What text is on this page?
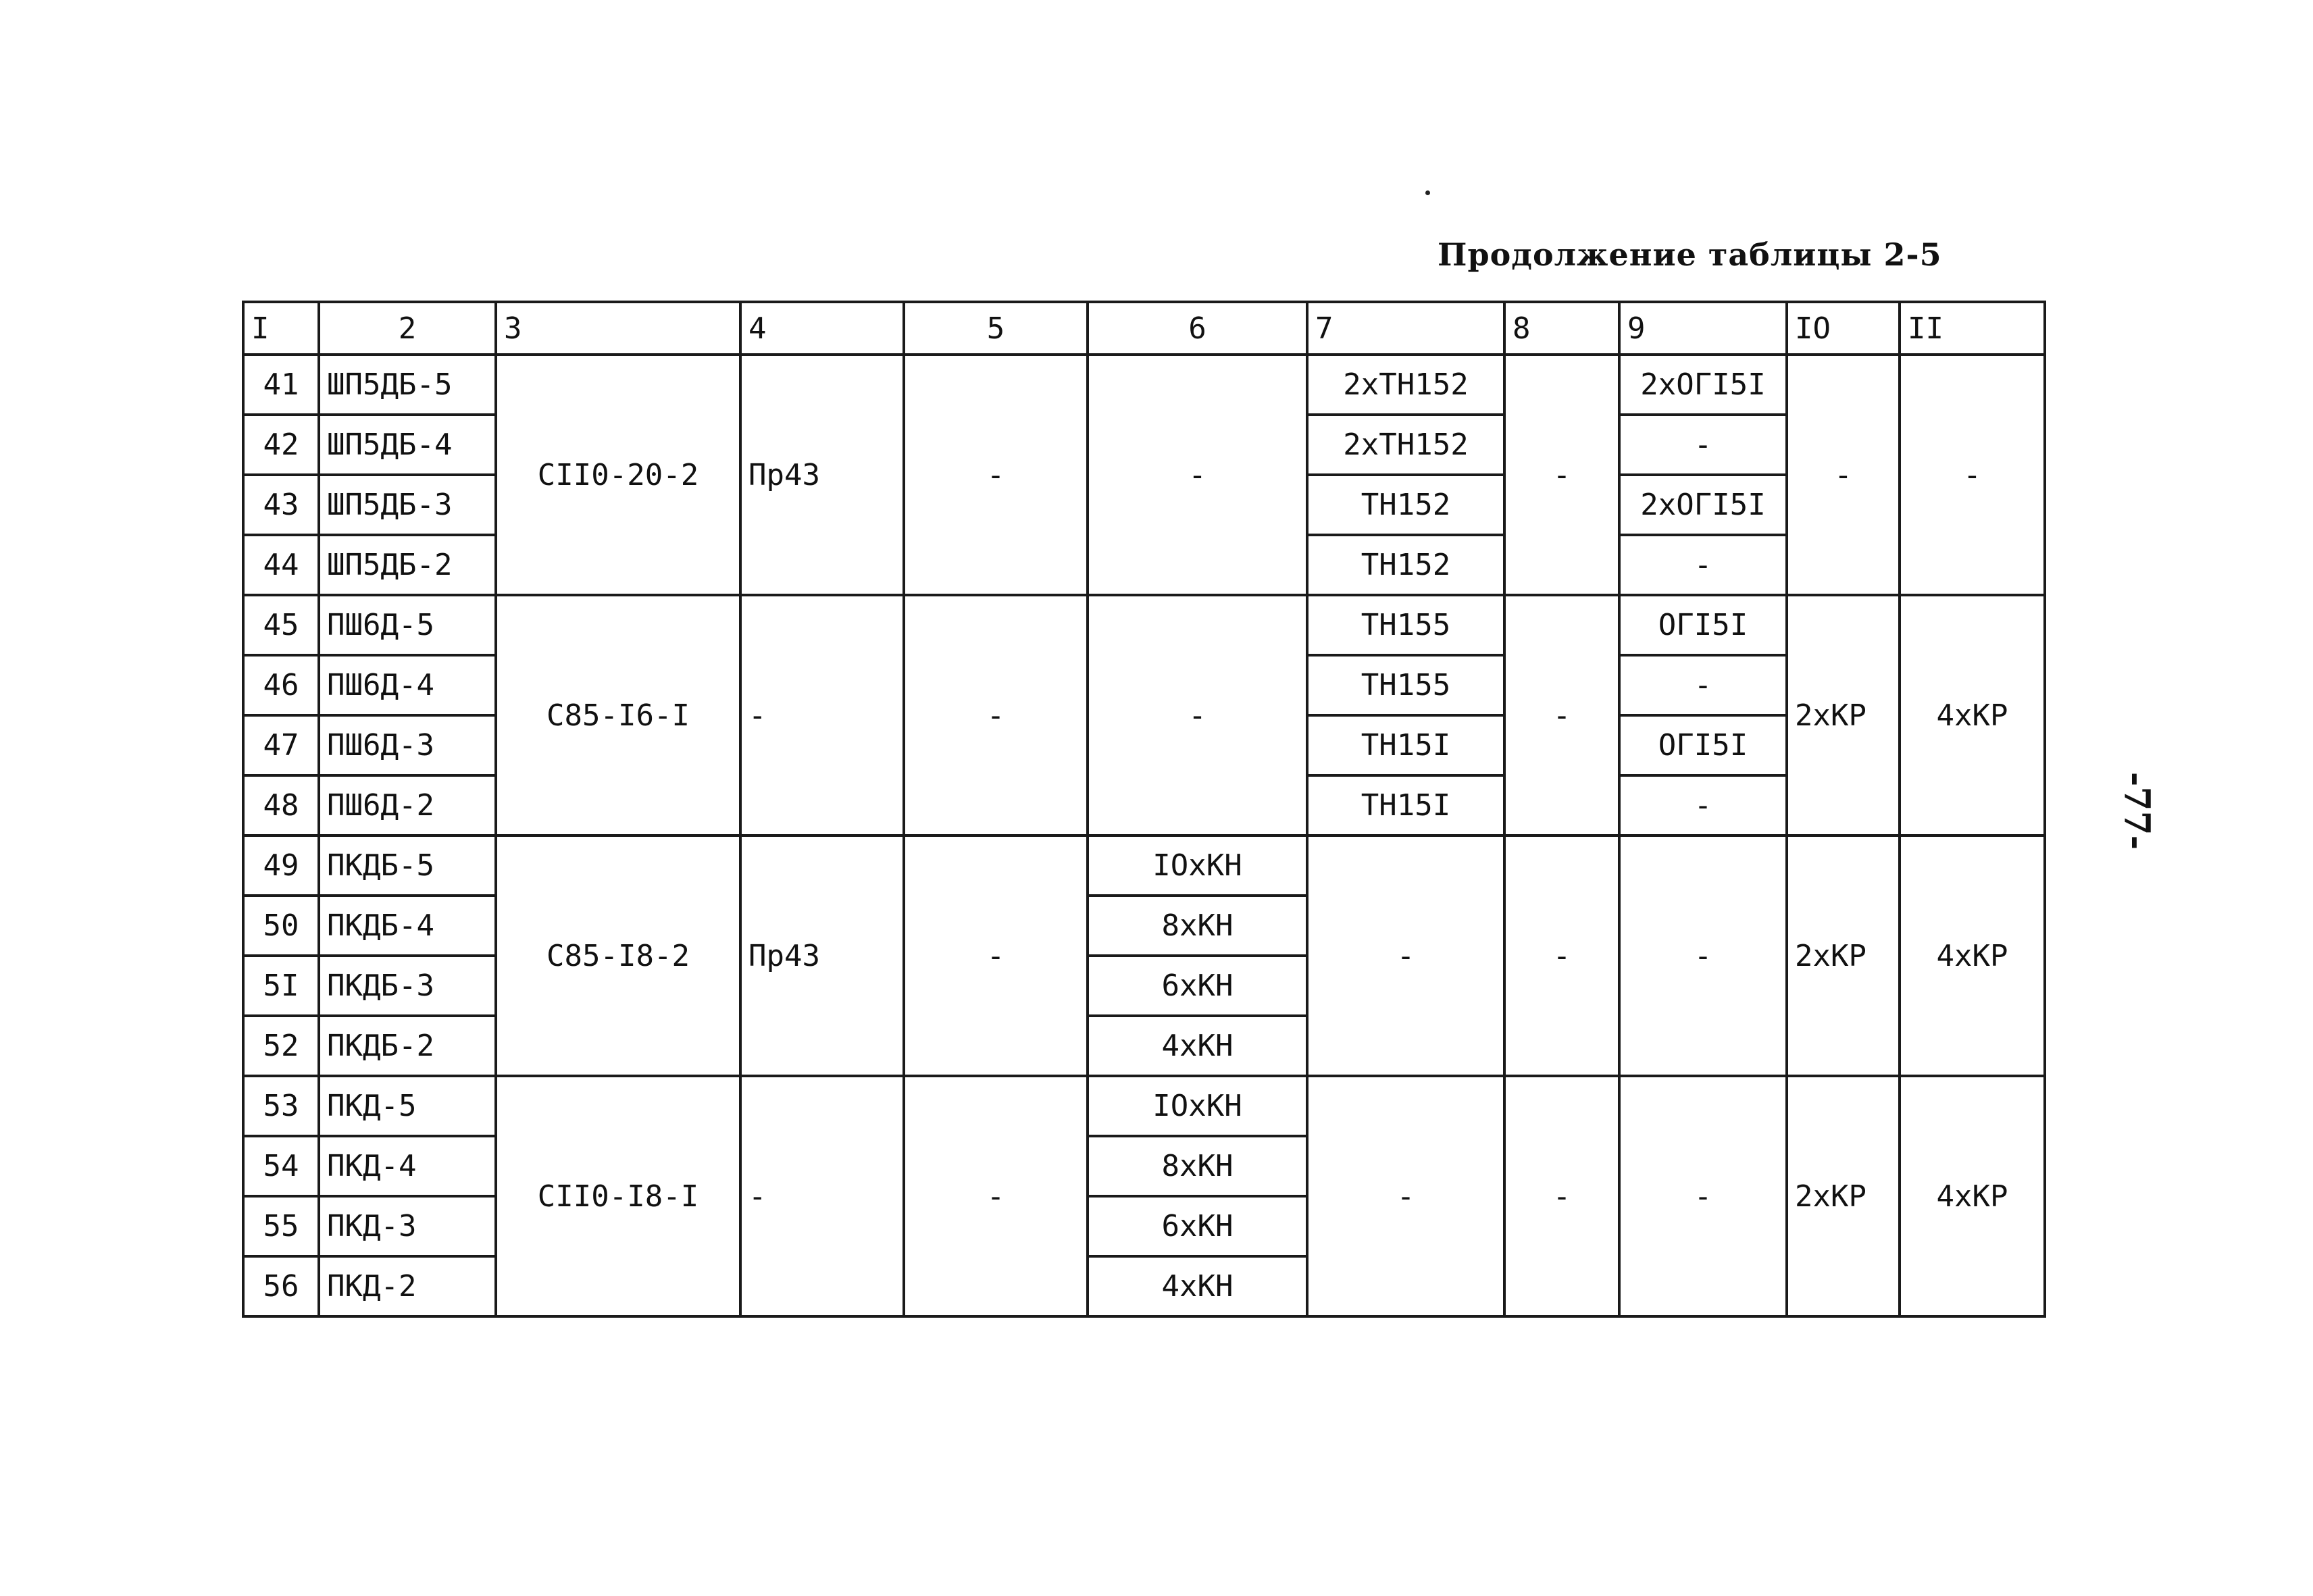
Продолжение таблицы 2-5
-77-
I	2	3	4	5	6	7	8	9	IO	II
41	ШП5ДБ-5	CII0-20-2	Пр43	-	-	2xTH152	-	2xOГI5I	-	-
42	ШП5ДБ-4					2xTH152		-		
43	ШП5ДБ-3					TH152		2xOГI5I		
44	ШП5ДБ-2					TH152		-		
45	ПШ6Д-5	C85-I6-I	-	-	-	TH155	-	OГI5I	2xKP	4xKP
46	ПШ6Д-4					TH155		-		
47	ПШ6Д-3					TH15I		OГI5I		
48	ПШ6Д-2					TH15I		-		
49	ПКДБ-5	C85-I8-2	Пр43	-	IOxKH	-	-	-	2xKP	4xKP
50	ПКДБ-4				8xKH					
5I	ПКДБ-3				6xKH					
52	ПКДБ-2				4xKH					
53	ПКД-5	CII0-I8-I	-	-	IOxKH	-	-	-	2xKP	4xKP
54	ПКД-4				8xKH					
55	ПКД-3				6xKH					
56	ПКД-2				4xKH					
